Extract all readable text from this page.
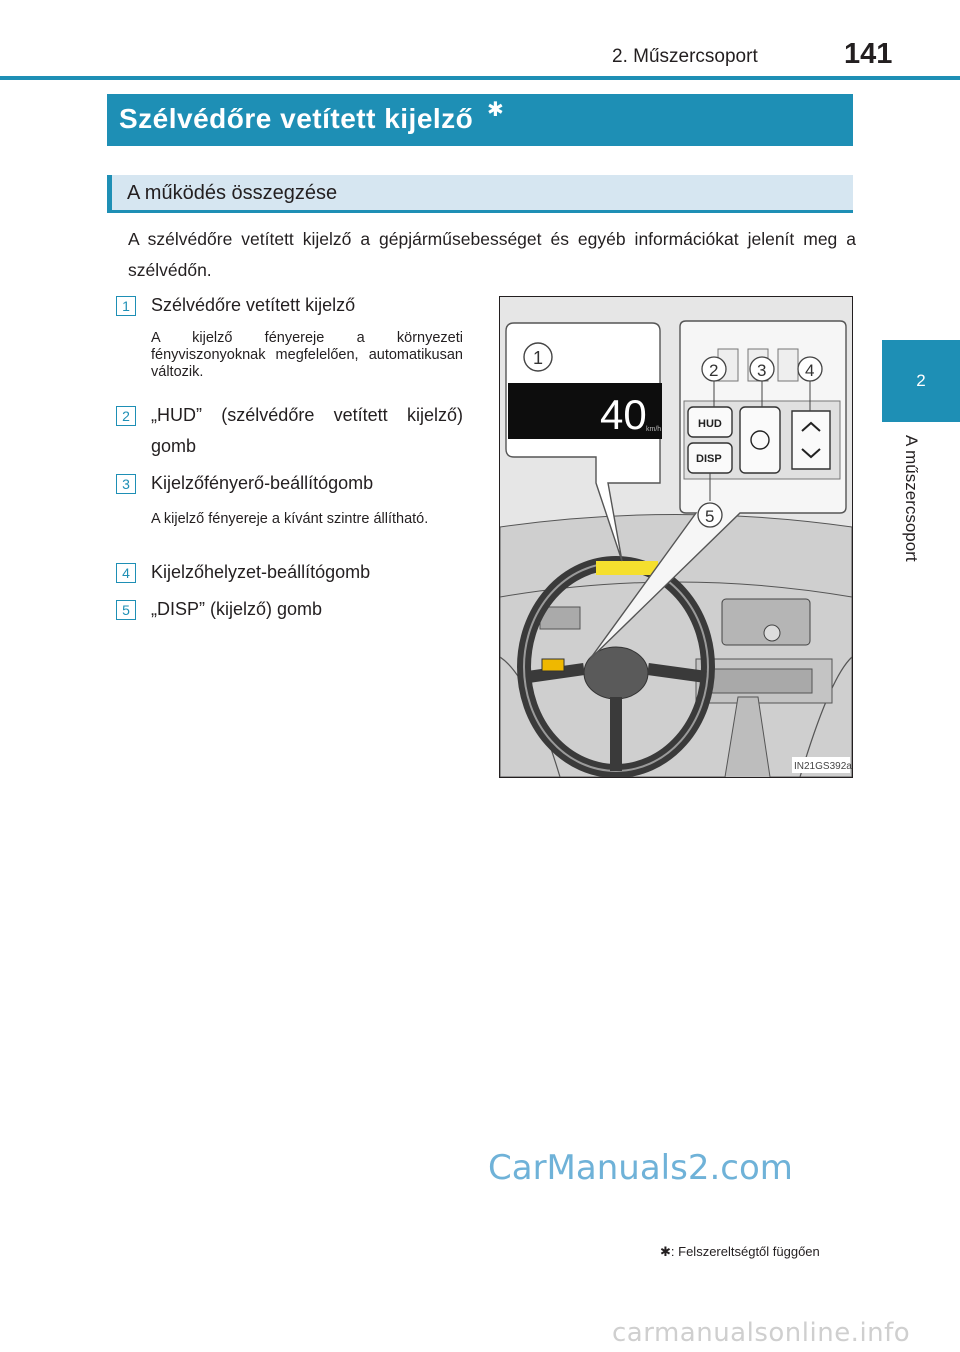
2. Műszercsoport	141
2
A műszercsoport
Szélvédőre vetített kijelző ✱
A működés összegzése
A szélvédőre vetített kijelző a gépjárműsebességet és egyéb információkat jelenít meg a szélvédőn.
1	Szélvédőre vetített kijelző
A kijelző fényereje a környezeti fényviszonyoknak megfelelően, automatikusan változik.
2	„HUD” (szélvédőre vetített kijelző) gomb
3	Kijelzőfényerő-beállítógomb
A kijelző fényereje a kívánt szintre állítható.
4	Kijelzőhelyzet-beállítógomb
5	„DISP” (kijelző) gomb
40 km/h
1
HUD
DISP
2 3 4
5
IN21GS392a
CarManuals2.com
✱: Felszereltségtől függően
carmanualsonline.info
